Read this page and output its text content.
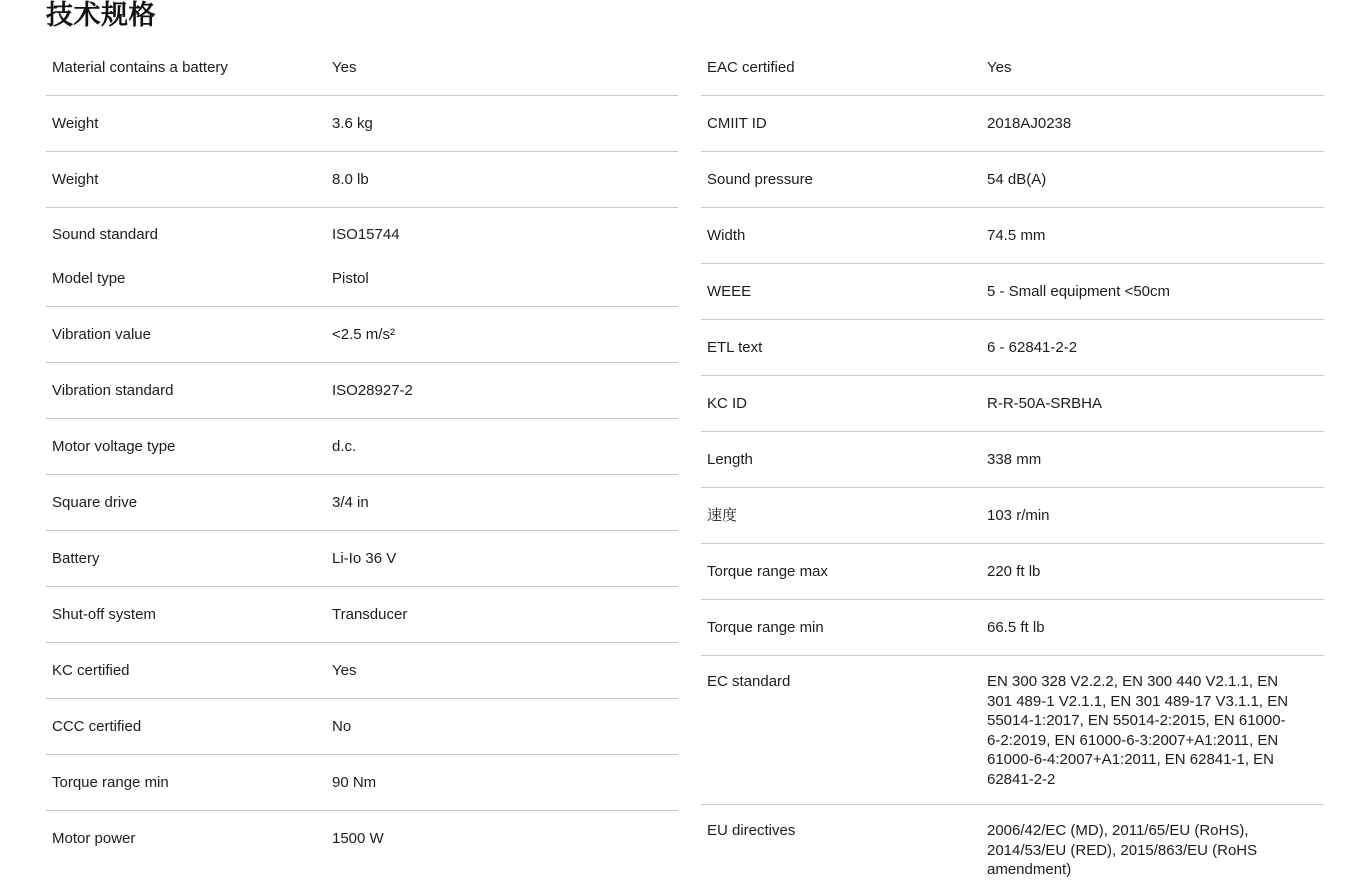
技术规格
Material contains a battery	Yes
Weight	3.6 kg
Weight	8.0 lb
Sound standard	ISO15744
Model type	Pistol
Vibration value	<2.5 m/s²
Vibration standard	ISO28927-2
Motor voltage type	d.c.
Square drive	3/4 in
Battery	Li-Io 36 V
Shut-off system	Transducer
KC certified	Yes
CCC certified	No
Torque range min	90 Nm
Motor power	1500 W
EAC certified	Yes
CMIIT ID	2018AJ0238
Sound pressure	54 dB(A)
Width	74.5 mm
WEEE	5 - Small equipment <50cm
ETL text	6 - 62841-2-2
KC ID	R-R-50A-SRBHA
Length	338 mm
速度	103 r/min
Torque range max	220 ft lb
Torque range min	66.5 ft lb
EC standard	EN 300 328 V2.2.2, EN 300 440 V2.1.1, EN 301 489-1 V2.1.1, EN 301 489-17 V3.1.1, EN 55014-1:2017, EN 55014-2:2015, EN 61000-6-2:2019, EN 61000-6-3:2007+A1:2011, EN 61000-6-4:2007+A1:2011, EN 62841-1, EN 62841-2-2
EU directives	2006/42/EC (MD), 2011/65/EU (RoHS), 2014/53/EU (RED), 2015/863/EU (RoHS amendment)
